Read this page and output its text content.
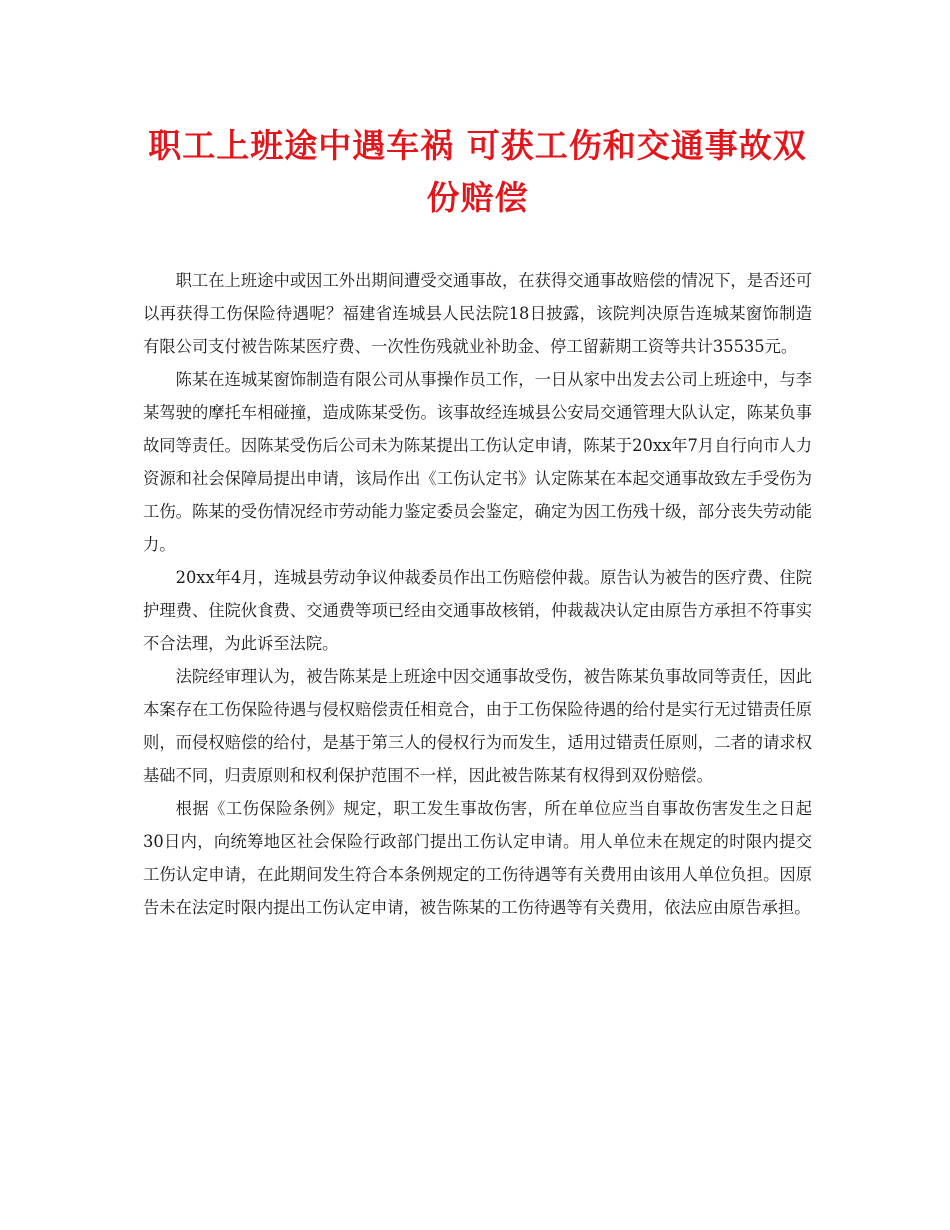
职工上班途中遇车祸 可获工伤和交通事故双份赔偿

职工在上班途中或因工外出期间遭受交通事故，在获得交通事故赔偿的情况下，是否还可以再获得工伤保险待遇呢？福建省连城县人民法院18日披露，该院判决原告连城某窗饰制造有限公司支付被告陈某医疗费、一次性伤残就业补助金、停工留薪期工资等共计35535元。

陈某在连城某窗饰制造有限公司从事操作员工作，一日从家中出发去公司上班途中，与李某驾驶的摩托车相碰撞，造成陈某受伤。该事故经连城县公安局交通管理大队认定，陈某负事故同等责任。因陈某受伤后公司未为陈某提出工伤认定申请，陈某于20xx年7月自行向市人力资源和社会保障局提出申请，该局作出《工伤认定书》认定陈某在本起交通事故致左手受伤为工伤。陈某的受伤情况经市劳动能力鉴定委员会鉴定，确定为因工伤残十级，部分丧失劳动能力。

20xx年4月，连城县劳动争议仲裁委员作出工伤赔偿仲裁。原告认为被告的医疗费、住院护理费、住院伙食费、交通费等项已经由交通事故核销，仲裁裁决认定由原告方承担不符事实不合法理，为此诉至法院。

法院经审理认为，被告陈某是上班途中因交通事故受伤，被告陈某负事故同等责任，因此本案存在工伤保险待遇与侵权赔偿责任相竞合，由于工伤保险待遇的给付是实行无过错责任原则，而侵权赔偿的给付，是基于第三人的侵权行为而发生，适用过错责任原则，二者的请求权基础不同，归责原则和权利保护范围不一样，因此被告陈某有权得到双份赔偿。

根据《工伤保险条例》规定，职工发生事故伤害，所在单位应当自事故伤害发生之日起30日内，向统筹地区社会保险行政部门提出工伤认定申请。用人单位未在规定的时限内提交工伤认定申请，在此期间发生符合本条例规定的工伤待遇等有关费用由该用人单位负担。因原告未在法定时限内提出工伤认定申请，被告陈某的工伤待遇等有关费用，依法应由原告承担。
